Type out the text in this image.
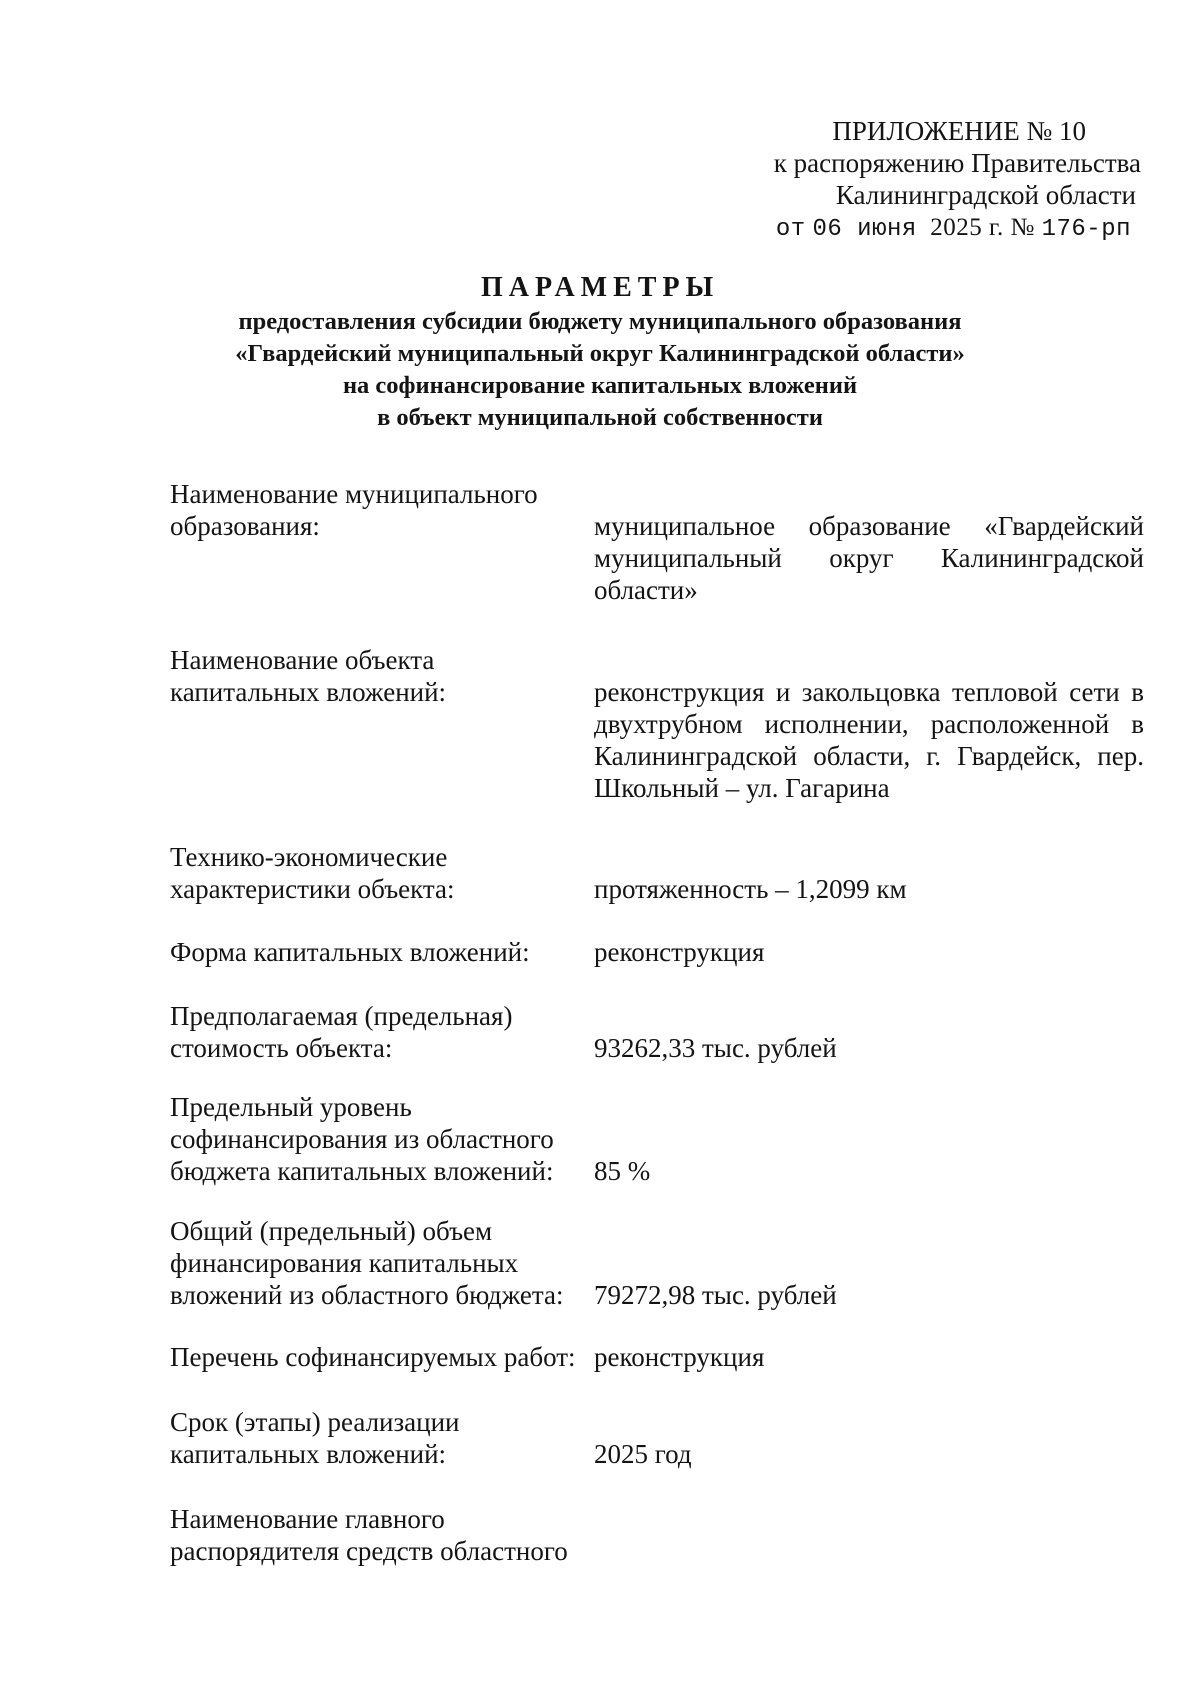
ПРИЛОЖЕНИЕ № 10
к распоряжению Правительства
Калининградской области
от 06 июня 2025 г. № 176-рп
ПАРАМЕТРЫ
предоставления субсидии бюджету муниципального образования
«Гвардейский муниципальный округ Калининградской области»
на софинансирование капитальных вложений
в объект муниципальной собственности
Наименование муниципального
образования:	муниципальное образование «Гвардейский муниципальный округ Калининградской области»
Наименование объекта
капитальных вложений:	реконструкция и закольцовка тепловой сети в двухтрубном исполнении, расположенной в Калининградской области, г. Гвардейск, пер. Школьный – ул. Гагарина
Технико-экономические
характеристики объекта:	протяженность – 1,2099 км
Форма капитальных вложений:	реконструкция
Предполагаемая (предельная)
стоимость объекта:	93262,33 тыс. рублей
Предельный уровень
софинансирования из областного
бюджета капитальных вложений:	85 %
Общий (предельный) объем
финансирования капитальных
вложений из областного бюджета:	79272,98 тыс. рублей
Перечень софинансируемых работ: реконструкция
Срок (этапы) реализации
капитальных вложений:	2025 год
Наименование главного
распорядителя средств областного
